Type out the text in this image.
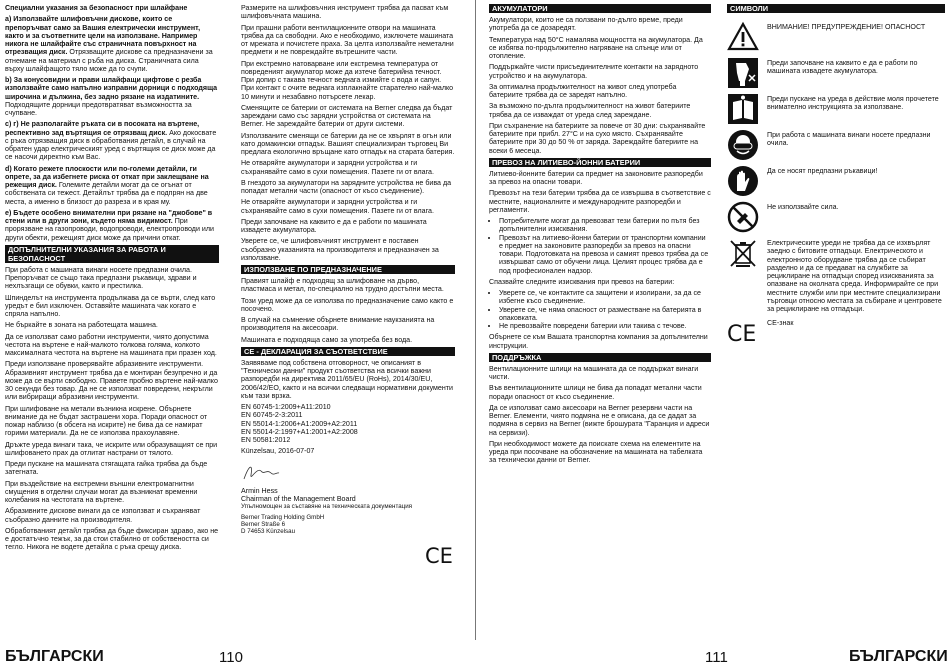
Специални указания за безопасност при шлайфане

a) Използвайте шлифовъчни дискове, които се препоръчват само за Вашия електрически инструмент, както и за съответните цели на използване. Например никога не шлайфайте със страничната повърхност на отрезващия диск. Отрязващите дискове са предназначени за отнемане на материал с ръба на диска. Страничната сила върху шлайфащото тяло може да го счупи.

b) За конусовидни и прави шлайфащи цифтове с резба използвайте само напълно изправни дорници с подходяща широчина и дължина, без задно рязане на издатините. Подходящите дорници предотвратяват възможността за счупване.

c) г) Не разполагайте ръката си в посоката на въртене, респективно зад въртящия се отрязващ диск. Ако докосвате с ръка отрязващия диск в обработвания детайл, в случай на обратен удар електрическият уред с въртящия се диск може да се насочи директно към Вас.

d) Когато режете плоскости или по-големи детайли, ги опрете, за да избегнете риска от откат при заклещване на режещия диск. Големите детайли могат да се огънат от собствената си тежест. Детайлът трябва да е подпрян на две места, а именно в близост до разреза и в края му.

e) Бъдете особено внимателни при рязане на "джобове" в стени или в други зони, където няма видимост. При прорязване на газопроводи, водопроводи, електропроводи или други обекти, режещият диск може да причини откат.

ДОПЪЛНИТЕЛНИ УКАЗАНИЯ ЗА РАБОТА И БЕЗОПАСНОСТ

При работа с машината винаги носете предпазни очила. Препоръчват се също така предпазни ръкавици, здрави и нехлъзгащи се обувки, както и престилка.

Шпинделът на инструмента продължава да се върти, след като уредът е бил изключен. Оставяйте машината чак когато е спряла напълно.

Не бъркайте в зоната на работещата машина.

Да се използват само работни инструменти, чиято допустима честота на въртене е най-малкото толкова голяма, колкото максималната честота на въртене на машината при празен ход.

Преди използване проверявайте абразивните инструменти. Абразивният инструмент трябва да е монтиран безупречно и да може да се върти свободно. Правете пробно въртене най-малко 30 секунди без товар. Да не се използват повредени, некръгли или вибриращи абразивни инструменти.

При шлифоване на метали възникна искрене. Обърнете внимание да не бъдат застрашени хора. Поради опасност от пожар наблизо (в обсега на искрите) не бива да се намират горими материали. Да не се използва прахоулавяне.

Дръжте уреда винаги така, че искрите или образуващият се при шлифоването прах да отлитат настрани от тялото.

Преди пускане на машината стягащата гайка трябва да бъде затегната.

При въздействие на екстремни външни електромагнитни смущения в отделни случаи могат да възникнат временни колебания на честотата на въртене.

Абразивните дискове винаги да се използват и съхраняват съобразно данните на производителя.

Обработваният детайл трябва да бъде фиксиран здраво, ако не е достатъчно тежък, за да стои стабилно от собствеността си тегло. Никога не водете детайла с ръка срещу диска.

Размерите на шлифовъчния инструмент трябва да пасват към шлифовъчната машина.

При прашни работи вентилационните отвори на машината трябва да са свободни. Ако е необходимо, изключете машината от мрежата и почистете праха. За целта използвайте неметални предмети и не повреждайте вътрешните части.

При екстремно натоварване или екстремна температура от повреденият акумулатор може да изтече батерийна течност. При допир с такава течност веднага измийте с вода и сапун. При контакт с очите веднага изплакнайте старателно най-малко 10 минути и незабавно потърсете лекар.

Сменящите се батерии от системата на Berner следва да бъдат зареждани само със зарядни устройства от системата на Berner. Не зареждайте батерии от други системи.

Използваните сменящи се батерии да не се хвърлят в огън или като домакински отпадък. Вашият специализиран търговец Ви предлага екологично връщане като отпадък на старата батерия.

Не отваряйте акумулатори и зарядни устройства и ги съхранявайте само в сухи помещения. Пазете ги от влага.

В гнездото за акумулатори на зарядните устройства не бива да попадат метални части (опасност от късо съединение).

Не отваряйте акумулатори и зарядни устройства и ги съхранявайте само в сухи помещения. Пазете ги от влага.

Преди започване на каквито е да е работи по машината извадете акумулатора.

Уверете се, че шлифовъчният инструмент е поставен съобразно указанията на производителя и предназначен за използване.

ИЗПОЛЗВАНЕ ПО ПРЕДНАЗНАЧЕНИЕ

Правият шлайф е подходящ за шлифоване на дърво, пластмаса и метал, по-специално на трудно достъпни места.

Този уред може да се използва по предназначение само както е посочено.

В случай на съмнение обърнете внимание наукзанията на производителя на аксесоари.

Машината е подходяща само за употреба без вода.

CE - ДЕКЛАРАЦИЯ ЗА СЪОТВЕТСТВИЕ

Заявяваме под собствена отговорност, че описаният в "Технически данни" продукт съответства на всички важни разпоредби на директива 2011/65/EU (RoHs), 2014/30/EU, 2006/42/EO, както и на всички следващи нормативни документи към тази врзка.

EN 60745-1:2009+A11:2010
EN 60745-2-3:2011
EN 55014-1:2006+A1:2009+A2:2011
EN 55014-2:1997+A1:2001+A2:2008
EN 50581:2012

Künzelsau, 2016-07-07

Armin Hess
Chairman of the Management Board
Упълномощен за съставяне на техническата документация
Berner Trading Holding GmbH
Berner Straße 6
D 74653 Künzelsau
CE
АКУМУЛАТОРИ

Акумулатори, които не са ползвани по-дълго време, преди употреба да се дозаредят.

Температура над 50°C намалява мощността на акумулатора. Да се избягва по-продължително нагряване на слънце или от отопление.

Поддържайте чисти присъединителните контакти на зарядното устройство и на акумулатора.

За оптимална продължителност на живот след употреба батериите трябва да се заредят напълно.

За възможно по-дълга продължителност на живот батериите трябва да се изваждат от уреда след зареждане.

При съхранение на батериите за повече от 30 дни: съхранявайте батериите при прибл. 27°C и на сухо място. Съхранявайте батериите при 30 до 50 % от заряда. Зареждайте батериите на всеки 6 месеца.

ПРЕВОЗ НА ЛИТИЕВО-ЙОННИ БАТЕРИИ

Литиево-йонните батерии са предмет на законовите разпоредби за превоз на опасни товари.

Превозът на тези батерии трябва да се извършва в съответствие с местните, националните и международните разпоредби и регламенти.

• Потребителите могат да превозват тези батерии по пътя без допълнителни изисквания.
• Превозът на литиево-йонни батерии от транспортни компании е предмет на законовите разпоредби за превоз на опасни товари. Подготовката на превоза и самият превоз трябва да се извършват само от обучени лица. Целият процес трябва да е под професионален надзор.

Спазвайте следните изисквания при превоз на батерии:

• Уверете се, че контактите са защитени и изолирани, за да се избегне късо съединение.
• Уверете се, че няма опасност от разместване на батерията в опаковката.
• Не превозвайте повредени батерии или такива с течове.

Обърнете се към Вашата транспортна компания за допълнителни инструкции.

ПОДДРЪЖКА

Вентилационните шлици на машината да се поддържат винаги чисти.

Във вентилационните шлици не бива да попадат метални части поради опасност от късо съединение.

Да се използват само аксесоари на Berner резервни части на Berner. Елементи, чиято подмяна не е описана, да се дадат за подмяна в сервиз на Berner (вижте брошурата "Гаранция и адреси на сервизи).

При необходимост можете да поискате схема на елементите на уреда при посочване на обозначение на машината на табелката за технически данни от Berner.

СИМВОЛИ
ВНИМАНИЕ! ПРЕДУПРЕЖДЕНИЕ! ОПАСНОСТ
Преди започване на каквито е да е работи по машината извадете акумулатора.
Преди пускане на уреда в действие моля прочетете внимателно инструкцията за използване.
При работа с машината винаги носете предпазни очила.
Да се носят предпазни ръкавици!
Не използвайте сила.
Електрическите уреди не трябва да се изхвърлят заедно с битовите отпадъци. Електрическото и електронното оборудване трябва да се събират разделно и да се предават на службите за рециклиране на отпадъци според изискванията за опазване на околната среда. Информирайте се при местните служби или при местните специализирани търговци относно местата за събиране и центровете за рециклиране на отпадъци.
CE CE-знак
БЪЛГАРСКИ	110	111	БЪЛГАРСКИ
